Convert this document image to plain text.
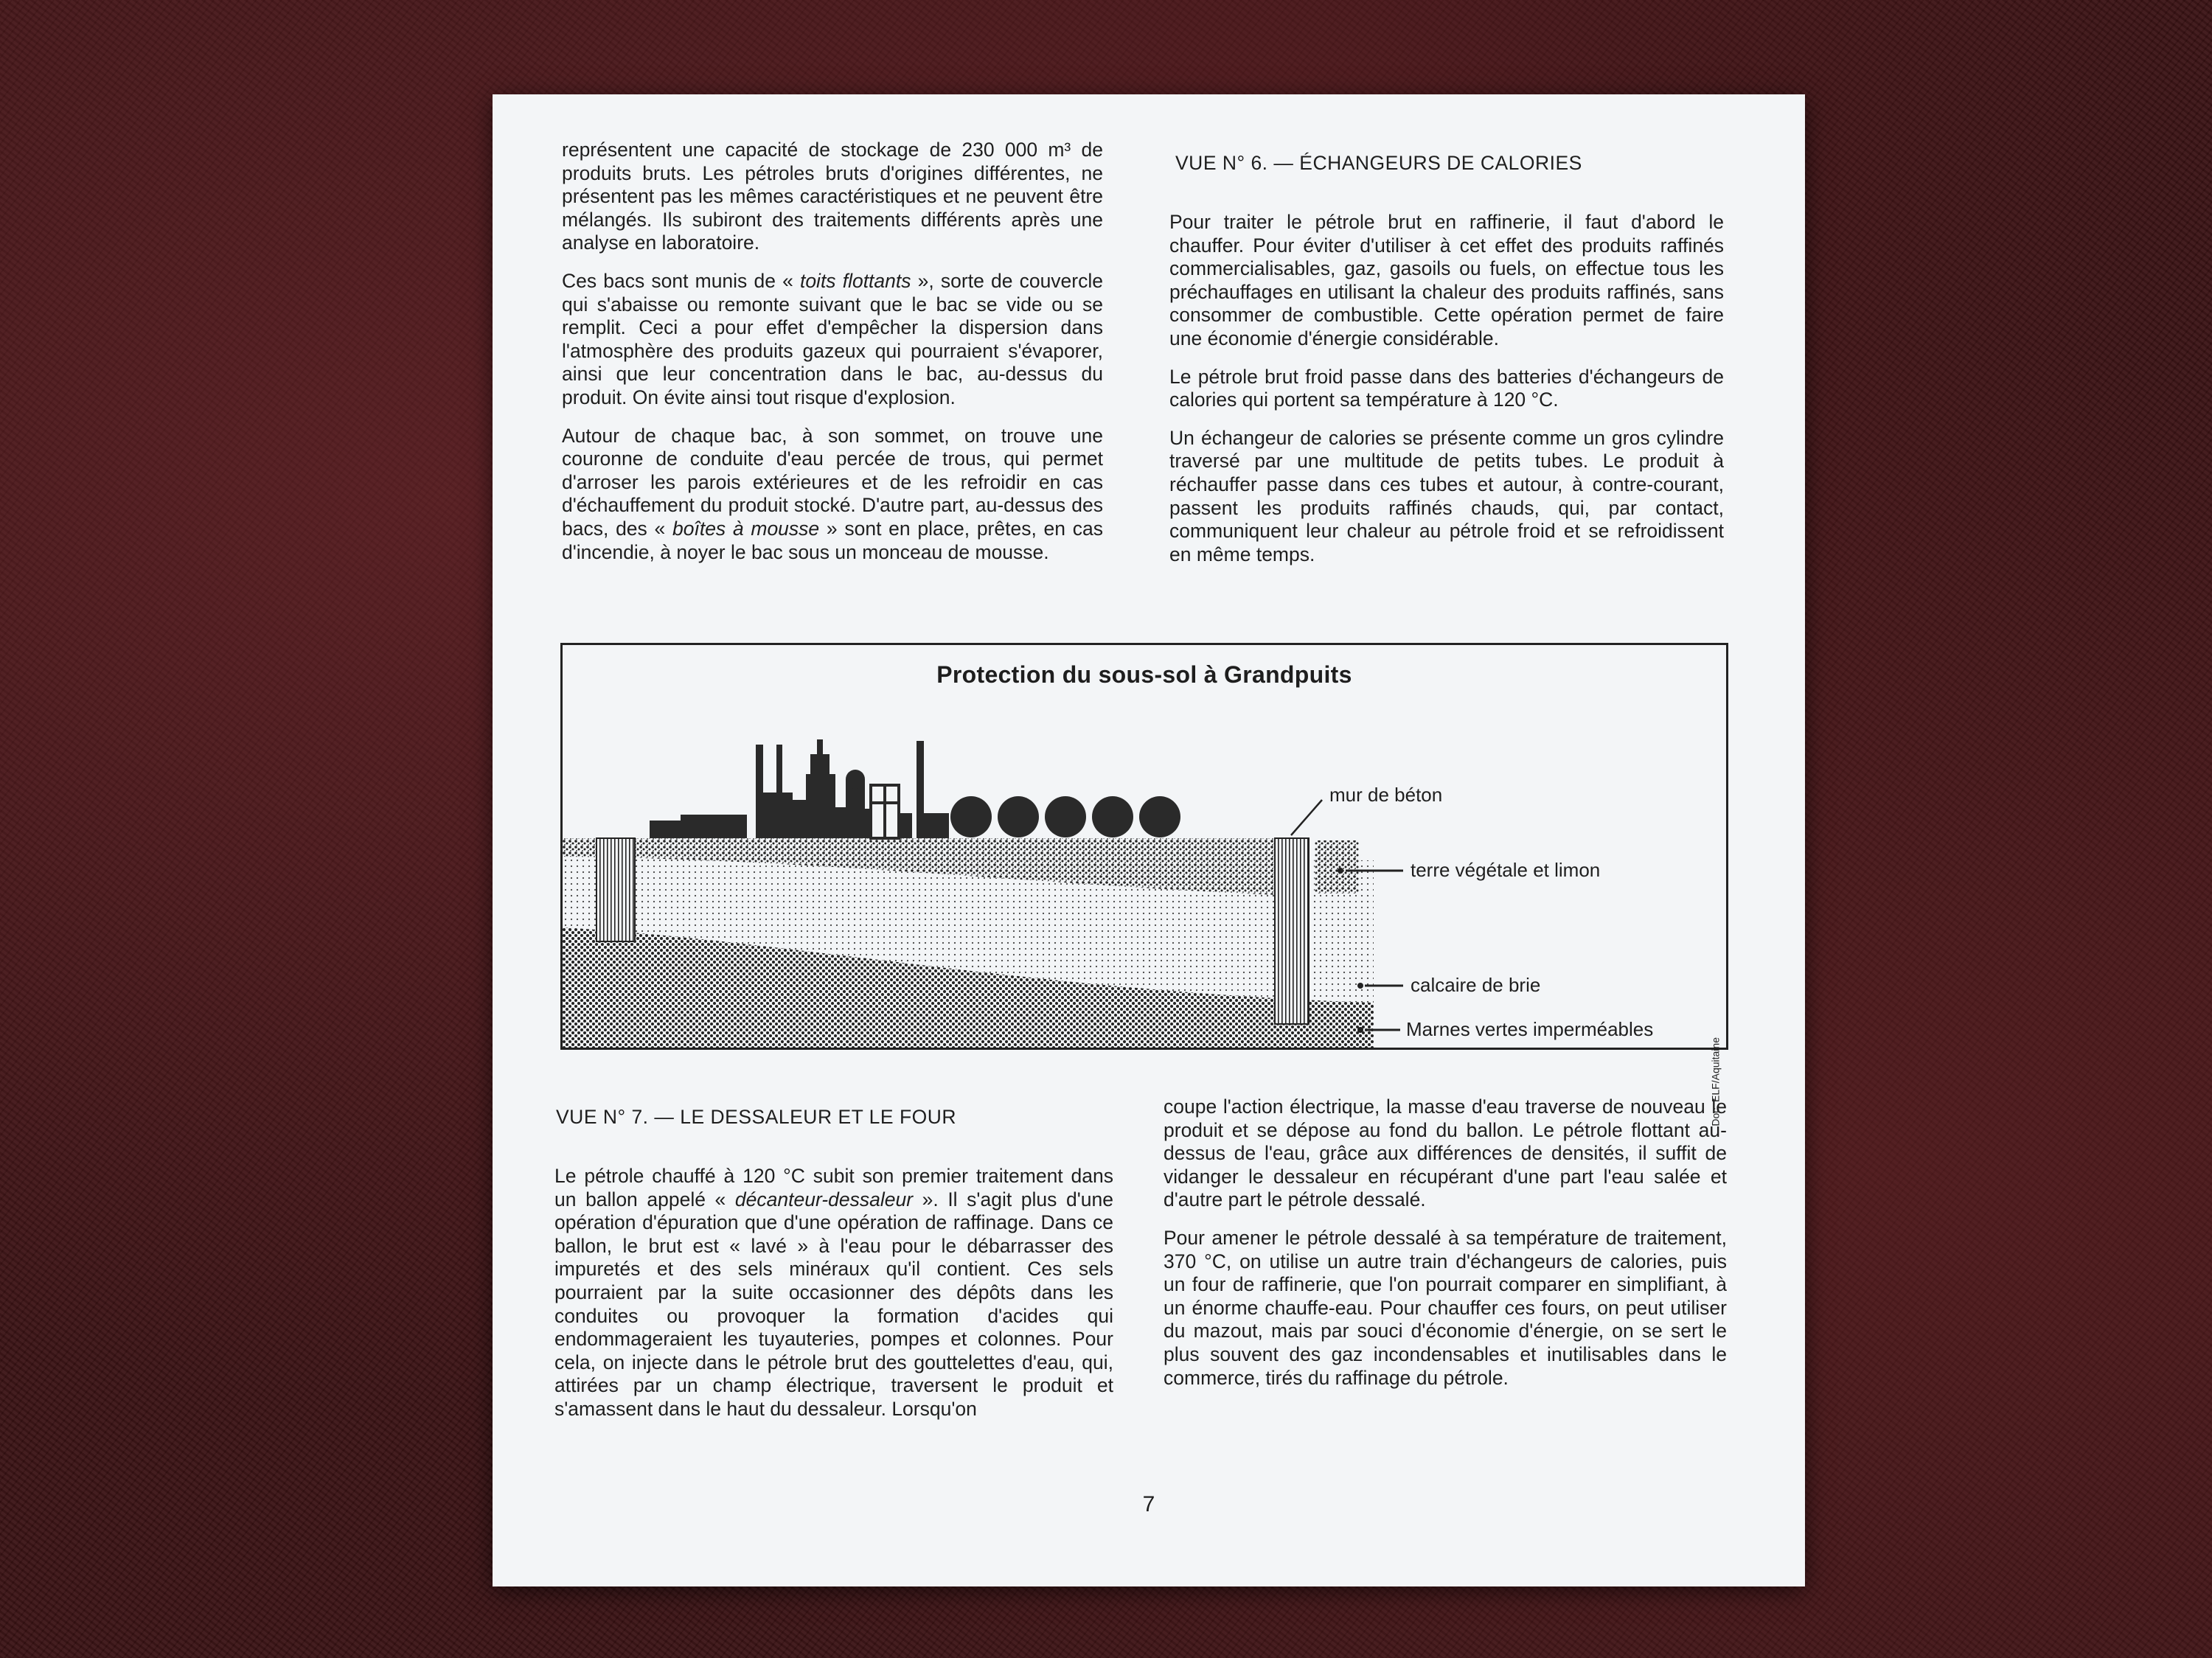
représentent une capacité de stockage de 230 000 m³ de produits bruts. Les pétroles bruts d'origines différentes, ne présentent pas les mêmes caractéristiques et ne peuvent être mélangés. Ils subiront des traitements différents après une analyse en laboratoire.

Ces bacs sont munis de « toits flottants », sorte de couvercle qui s'abaisse ou remonte suivant que le bac se vide ou se remplit. Ceci a pour effet d'empêcher la dispersion dans l'atmosphère des produits gazeux qui pourraient s'évaporer, ainsi que leur concentration dans le bac, au-dessus du produit. On évite ainsi tout risque d'explosion.

Autour de chaque bac, à son sommet, on trouve une couronne de conduite d'eau percée de trous, qui permet d'arroser les parois extérieures et de les refroidir en cas d'échauffement du produit stocké. D'autre part, au-dessus des bacs, des « boîtes à mousse » sont en place, prêtes, en cas d'incendie, à noyer le bac sous un monceau de mousse.

VUE N° 6. — ÉCHANGEURS DE CALORIES

Pour traiter le pétrole brut en raffinerie, il faut d'abord le chauffer. Pour éviter d'utiliser à cet effet des produits raffinés commercialisables, gaz, gasoils ou fuels, on effectue tous les préchauffages en utilisant la chaleur des produits raffinés, sans consommer de combustible. Cette opération permet de faire une économie d'énergie considérable.

Le pétrole brut froid passe dans des batteries d'échangeurs de calories qui portent sa température à 120 °C.

Un échangeur de calories se présente comme un gros cylindre traversé par une multitude de petits tubes. Le produit à réchauffer passe dans ces tubes et autour, à contre-courant, passent les produits raffinés chauds, qui, par contact, communiquent leur chaleur au pétrole froid et se refroidissent en même temps.

Protection du sous-sol à Grandpuits
mur de béton
terre végétale et limon
calcaire de brie
Marnes vertes imperméables
Doc. ELF/Aquitaine
VUE N° 7. — LE DESSALEUR ET LE FOUR

Le pétrole chauffé à 120 °C subit son premier traitement dans un ballon appelé « décanteur-dessaleur ». Il s'agit plus d'une opération d'épuration que d'une opération de raffinage. Dans ce ballon, le brut est « lavé » à l'eau pour le débarrasser des impuretés et des sels minéraux qu'il contient. Ces sels pourraient par la suite occasionner des dépôts dans les conduites ou provoquer la formation d'acides qui endommageraient les tuyauteries, pompes et colonnes. Pour cela, on injecte dans le pétrole brut des gouttelettes d'eau, qui, attirées par un champ électrique, traversent le produit et s'amassent dans le haut du dessaleur. Lorsqu'on

coupe l'action électrique, la masse d'eau traverse de nouveau le produit et se dépose au fond du ballon. Le pétrole flottant au-dessus de l'eau, grâce aux différences de densités, il suffit de vidanger le dessaleur en récupérant d'une part l'eau salée et d'autre part le pétrole dessalé.

Pour amener le pétrole dessalé à sa température de traitement, 370 °C, on utilise un autre train d'échangeurs de calories, puis un four de raffinerie, que l'on pourrait comparer en simplifiant, à un énorme chauffe-eau. Pour chauffer ces fours, on peut utiliser du mazout, mais par souci d'économie d'énergie, on se sert le plus souvent des gaz incondensables et inutilisables dans le commerce, tirés du raffinage du pétrole.

7
